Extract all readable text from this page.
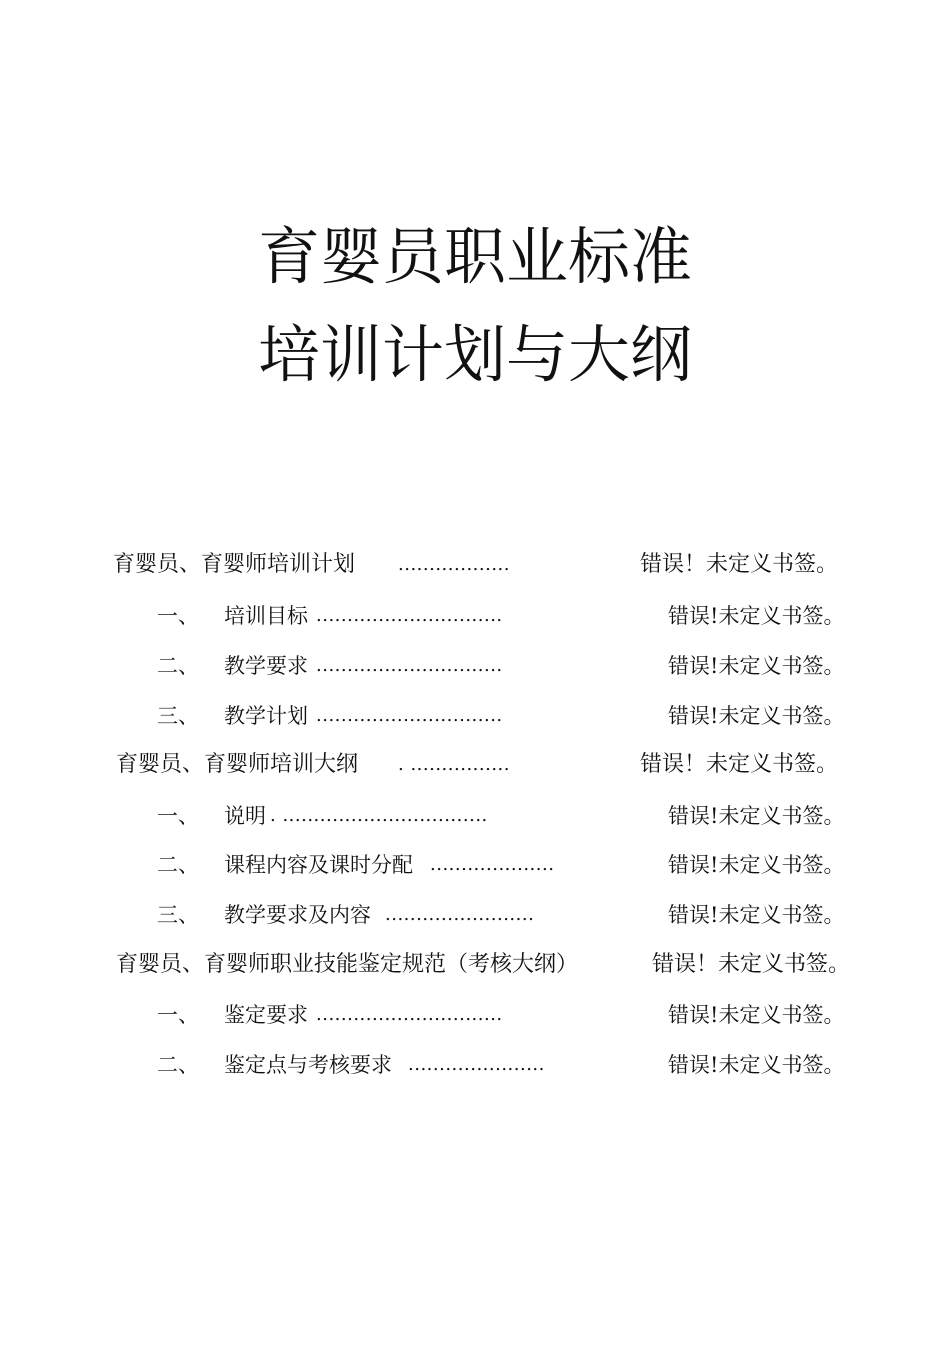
育婴员职业标准
培训计划与大纲
育婴员、育婴师培训计划 ..................	错误！未定义书签。
一、 培训目标 ..............................	错误!未定义书签。
二、 教学要求 ..............................	错误!未定义书签。
三、 教学计划 ..............................	错误!未定义书签。
育婴员、育婴师培训大纲 . ................	错误！未定义书签。
一、 说明 . .................................	错误!未定义书签。
二、 课程内容及课时分配 ....................	错误!未定义书签。
三、 教学要求及内容 ........................	错误!未定义书签。
育婴员、育婴师职业技能鉴定规范（考核大纲）	错误！未定义书签。
一、 鉴定要求 ..............................	错误!未定义书签。
二、 鉴定点与考核要求 ......................	错误!未定义书签。
